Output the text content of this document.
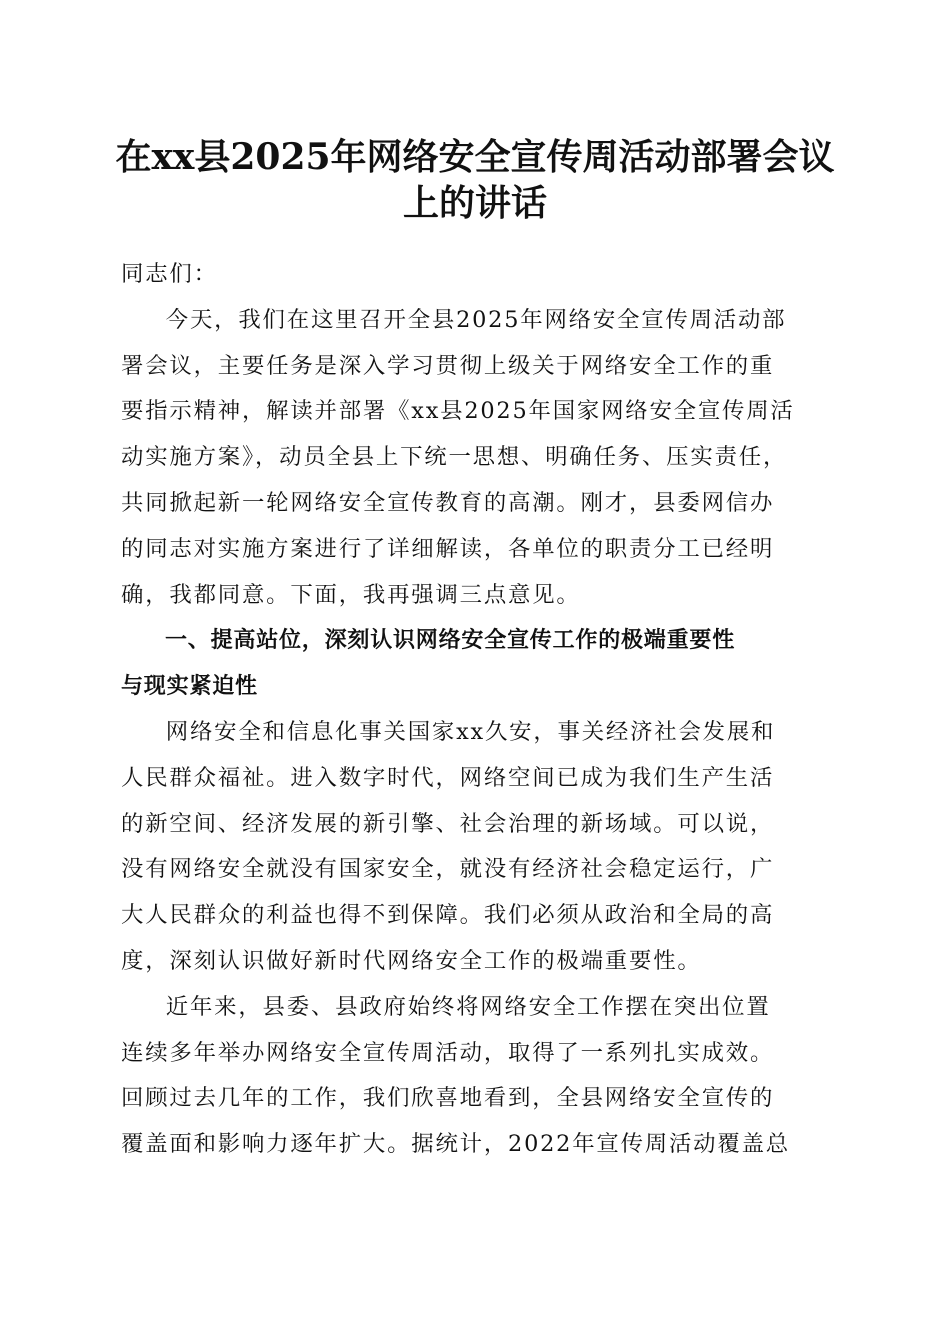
在xx县2025年网络安全宣传周活动部署会议
上的讲话

同志们：

今天，我们在这里召开全县2025年网络安全宣传周活动部
署会议，主要任务是深入学习贯彻上级关于网络安全工作的重
要指示精神，解读并部署《xx县2025年国家网络安全宣传周活
动实施方案》，动员全县上下统一思想、明确任务、压实责任，
共同掀起新一轮网络安全宣传教育的高潮。刚才，县委网信办
的同志对实施方案进行了详细解读，各单位的职责分工已经明
确，我都同意。下面，我再强调三点意见。

一、提高站位，深刻认识网络安全宣传工作的极端重要性
与现实紧迫性

网络安全和信息化事关国家xx久安，事关经济社会发展和
人民群众福祉。进入数字时代，网络空间已成为我们生产生活
的新空间、经济发展的新引擎、社会治理的新场域。可以说，
没有网络安全就没有国家安全，就没有经济社会稳定运行，广
大人民群众的利益也得不到保障。我们必须从政治和全局的高
度，深刻认识做好新时代网络安全工作的极端重要性。

近年来，县委、县政府始终将网络安全工作摆在突出位置
连续多年举办网络安全宣传周活动，取得了一系列扎实成效。
回顾过去几年的工作，我们欣喜地看到，全县网络安全宣传的
覆盖面和影响力逐年扩大。据统计，2022年宣传周活动覆盖总
